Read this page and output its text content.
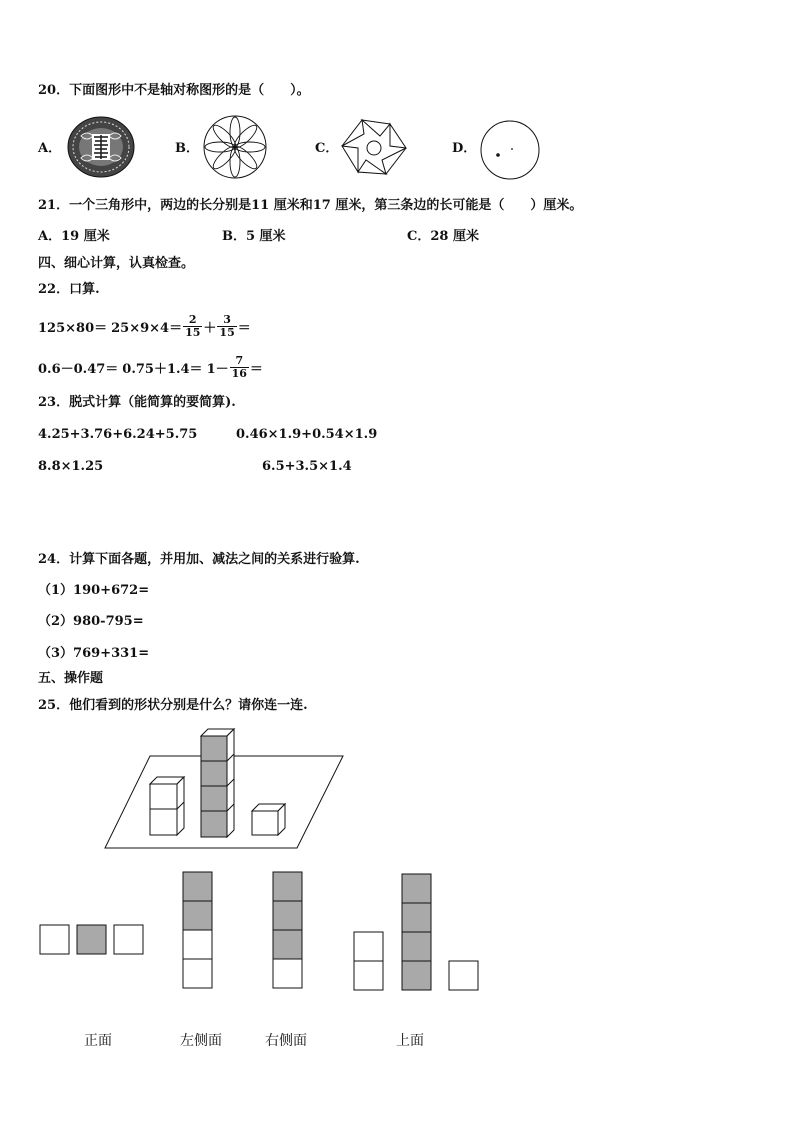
20．下面图形中不是轴对称图形的是（　　）。
A．	B．	C．	D．
21．一个三角形中，两边的长分别是11 厘米和17 厘米，第三条边的长可能是（　　）厘米。
A．19 厘米	B．5 厘米	C．28 厘米
四、细心计算，认真检查。
22．口算.
$125\times 80= 25\times 9\times 4= \frac{2}{15} + \frac{3}{15}$ ＝
$0.6-0.47= 0.75+1.4= 1- \frac{7}{16}$ ＝
23．脱式计算（能简算的要简算).
4.25+3.76+6.24+5.75	0.46×1.9+0.54×1.9
8.8×1.25	6.5+3.5×1.4
24．计算下面各题，并用加、减法之间的关系进行验算.
（1）190+672=
（2）980-795=
（3）769+331=
五、操作题
25．他们看到的形状分别是什么？请你连一连.
正面	左侧面	右侧面	上面
